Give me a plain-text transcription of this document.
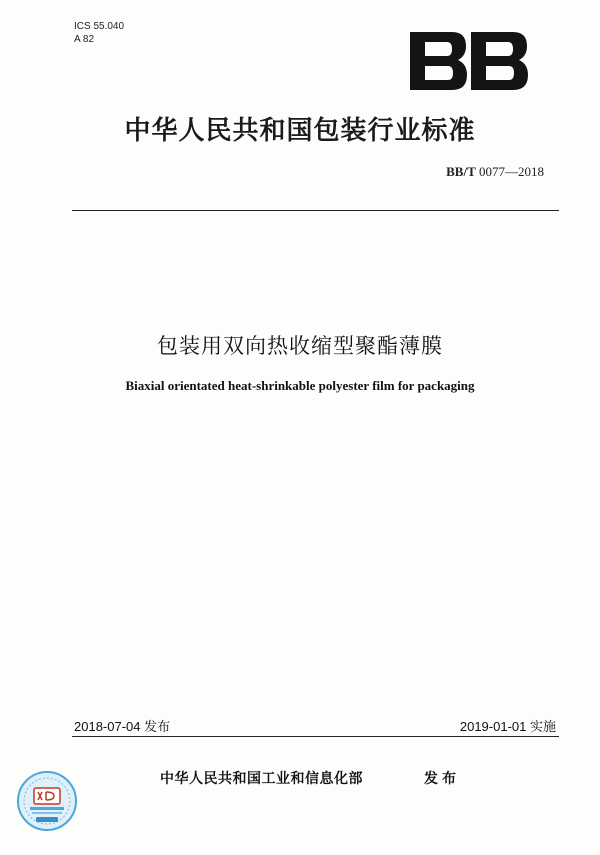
ICS 55.040
A 82
中华人民共和国包装行业标准
BB/T 0077—2018
包装用双向热收缩型聚酯薄膜
Biaxial orientated heat-shrinkable polyester film for packaging
2018-07-04 发布	2019-01-01 实施
中华人民共和国工业和信息化部	发布
